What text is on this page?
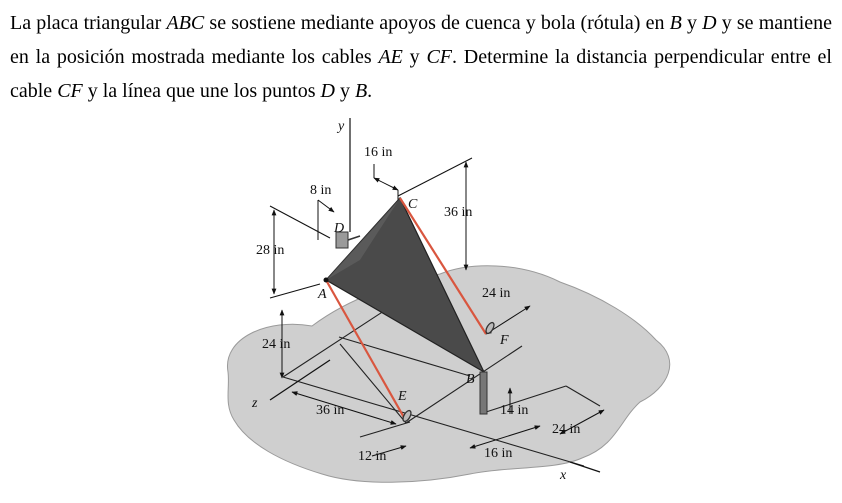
La placa triangular ABC se sostiene mediante apoyos de cuenca y bola (rótula) en B y D y se mantiene en la posición mostrada mediante los cables AE y CF. Determine la distancia perpendicular entre el cable CF y la línea que une los puntos D y B.
y
z
x
A
B
C
D
E
F
16 in
8 in
36 in
28 in
24 in
24 in
36 in	14 in
24 in
12 in	16 in
